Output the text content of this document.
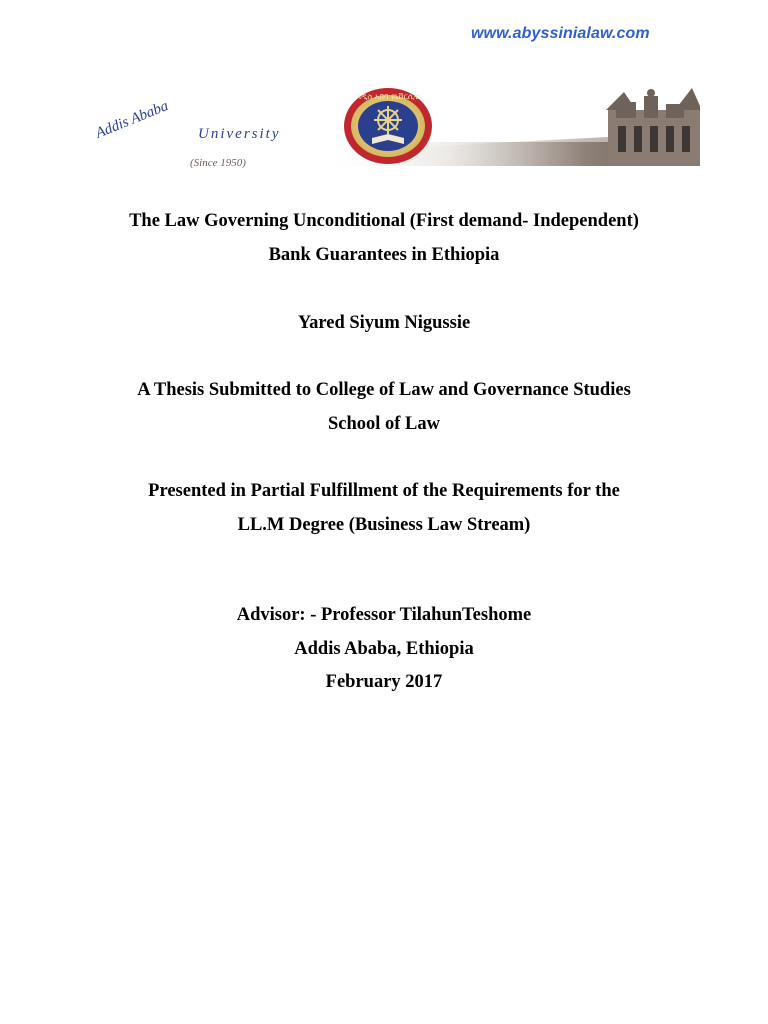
www.abyssinialaw.com
አዲስ አበባ ዩኒቨርሲቲ
Addis Ababa University
(Since 1950)
The Law Governing Unconditional (First demand- Independent)
Bank Guarantees in Ethiopia
Yared Siyum Nigussie
A Thesis Submitted to College of Law and Governance Studies
School of Law
Presented in Partial Fulfillment of the Requirements for the
LL.M Degree (Business Law Stream)
Advisor: - Professor TilahunTeshome
Addis Ababa, Ethiopia
February 2017
